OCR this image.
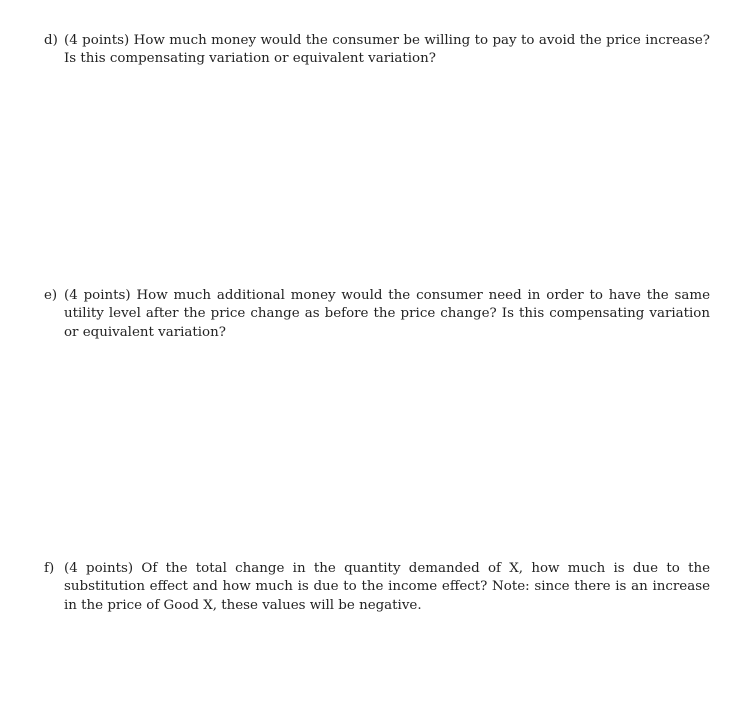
d) (4 points) How much money would the consumer be willing to pay to avoid the price increase? Is this compensating variation or equivalent variation?
e) (4 points) How much additional money would the consumer need in order to have the same utility level after the price change as before the price change? Is this compensating variation or equivalent variation?
f) (4 points) Of the total change in the quantity demanded of X, how much is due to the substitution effect and how much is due to the income effect? Note: since there is an increase in the price of Good X, these values will be negative.
